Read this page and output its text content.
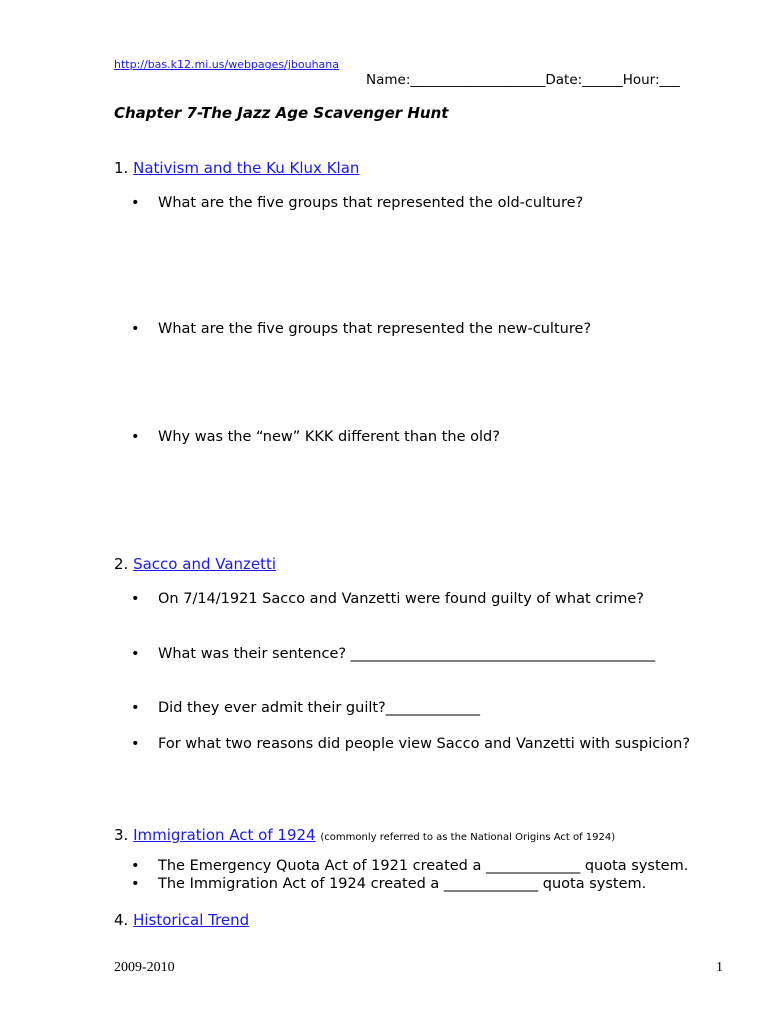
http://bas.k12.mi.us/webpages/jbouhana
Name:____________________Date:______Hour:___
Chapter 7-The Jazz Age Scavenger Hunt
1. Nativism and the Ku Klux Klan
• What are the five groups that represented the old-culture?
• What are the five groups that represented the new-culture?
• Why was the “new” KKK different than the old?
2. Sacco and Vanzetti
• On 7/14/1921 Sacco and Vanzetti were found guilty of what crime?
• What was their sentence? __________________________________________
• Did they ever admit their guilt?_____________
• For what two reasons did people view Sacco and Vanzetti with suspicion?
3. Immigration Act of 1924 (commonly referred to as the National Origins Act of 1924)
• The Emergency Quota Act of 1921 created a _____________ quota system.
• The Immigration Act of 1924 created a _____________ quota system.
4. Historical Trend
2009-2010	1
